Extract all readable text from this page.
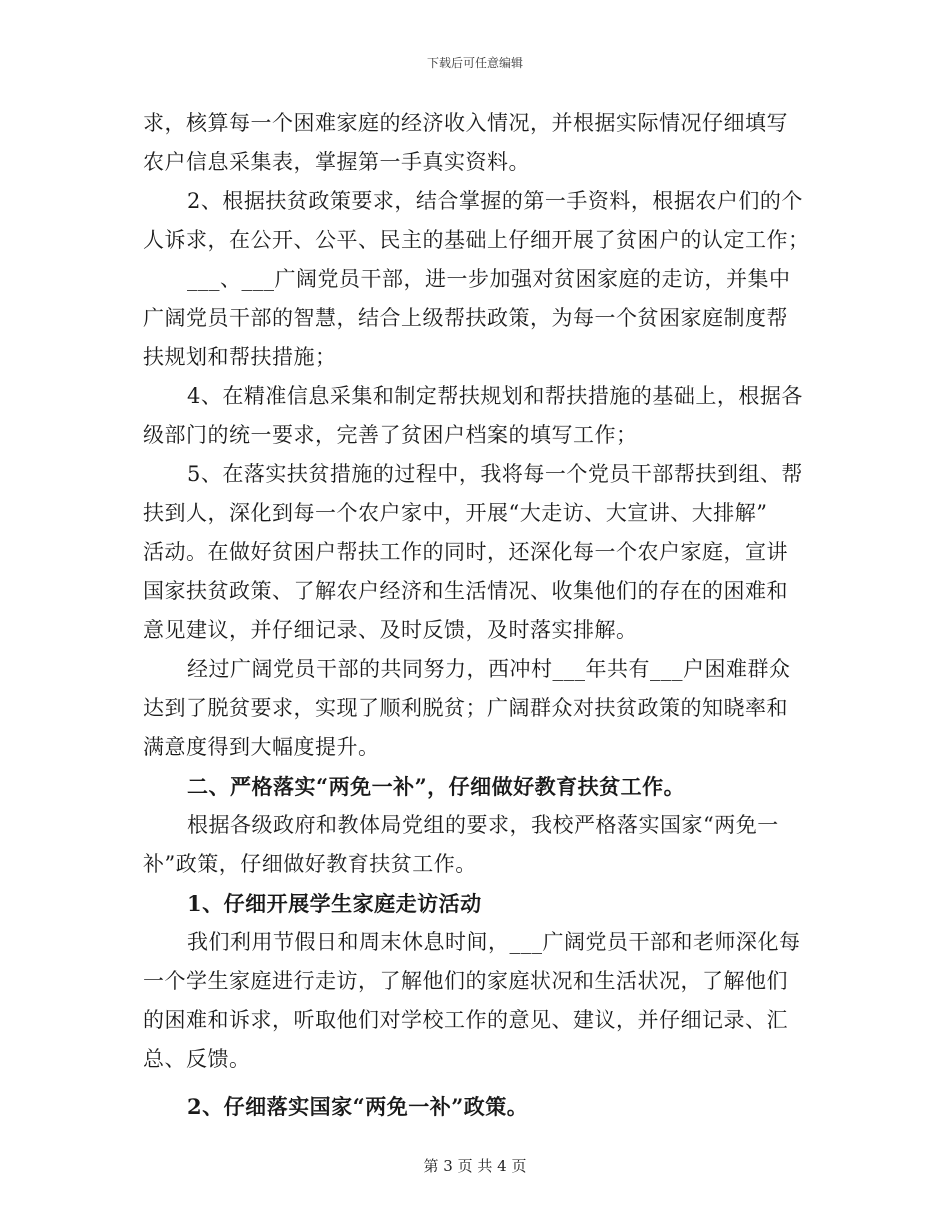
下载后可任意编辑
求，核算每一个困难家庭的经济收入情况，并根据实际情况仔细填写
农户信息采集表，掌握第一手真实资料。
2、根据扶贫政策要求，结合掌握的第一手资料，根据农户们的个
人诉求，在公开、公平、民主的基础上仔细开展了贫困户的认定工作；
___、___广阔党员干部，进一步加强对贫困家庭的走访，并集中
广阔党员干部的智慧，结合上级帮扶政策，为每一个贫困家庭制度帮
扶规划和帮扶措施；
4、在精准信息采集和制定帮扶规划和帮扶措施的基础上，根据各
级部门的统一要求，完善了贫困户档案的填写工作；
5、在落实扶贫措施的过程中，我将每一个党员干部帮扶到组、帮
扶到人，深化到每一个农户家中，开展“大走访、大宣讲、大排解”
活动。在做好贫困户帮扶工作的同时，还深化每一个农户家庭，宣讲
国家扶贫政策、了解农户经济和生活情况、收集他们的存在的困难和
意见建议，并仔细记录、及时反馈，及时落实排解。
经过广阔党员干部的共同努力，西冲村___年共有___户困难群众
达到了脱贫要求，实现了顺利脱贫；广阔群众对扶贫政策的知晓率和
满意度得到大幅度提升。
二、严格落实“两免一补”，仔细做好教育扶贫工作。
根据各级政府和教体局党组的要求，我校严格落实国家“两免一
补”政策，仔细做好教育扶贫工作。
1、仔细开展学生家庭走访活动
我们利用节假日和周末休息时间，___广阔党员干部和老师深化每
一个学生家庭进行走访，了解他们的家庭状况和生活状况，了解他们
的困难和诉求，听取他们对学校工作的意见、建议，并仔细记录、汇
总、反馈。
2、仔细落实国家“两免一补”政策。
第 3 页 共 4 页
